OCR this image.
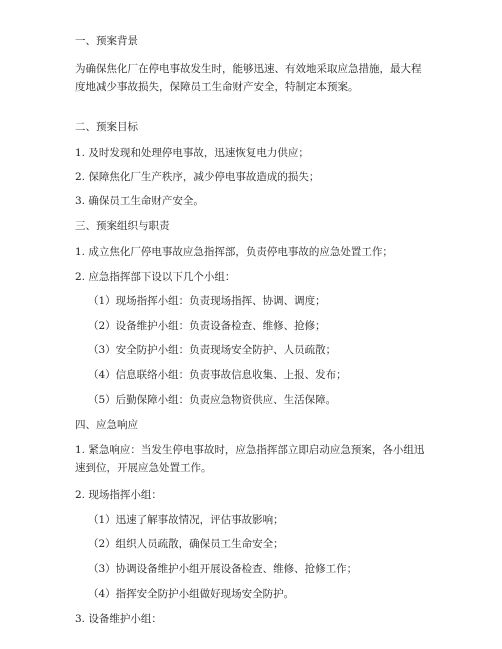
一、预案背景
为确保焦化厂在停电事故发生时，能够迅速、有效地采取应急措施，最大程度地减少事故损失，保障员工生命财产安全，特制定本预案。
二、预案目标
1. 及时发现和处理停电事故，迅速恢复电力供应；
2. 保障焦化厂生产秩序，减少停电事故造成的损失；
3. 确保员工生命财产安全。
三、预案组织与职责
1. 成立焦化厂停电事故应急指挥部，负责停电事故的应急处置工作；
2. 应急指挥部下设以下几个小组：
（1）现场指挥小组：负责现场指挥、协调、调度；
（2）设备维护小组：负责设备检查、维修、抢修；
（3）安全防护小组：负责现场安全防护、人员疏散；
（4）信息联络小组：负责事故信息收集、上报、发布；
（5）后勤保障小组：负责应急物资供应、生活保障。
四、应急响应
1. 紧急响应：当发生停电事故时，应急指挥部立即启动应急预案，各小组迅速到位，开展应急处置工作。
2. 现场指挥小组：
（1）迅速了解事故情况，评估事故影响；
（2）组织人员疏散，确保员工生命安全；
（3）协调设备维护小组开展设备检查、维修、抢修工作；
（4）指挥安全防护小组做好现场安全防护。
3. 设备维护小组：
